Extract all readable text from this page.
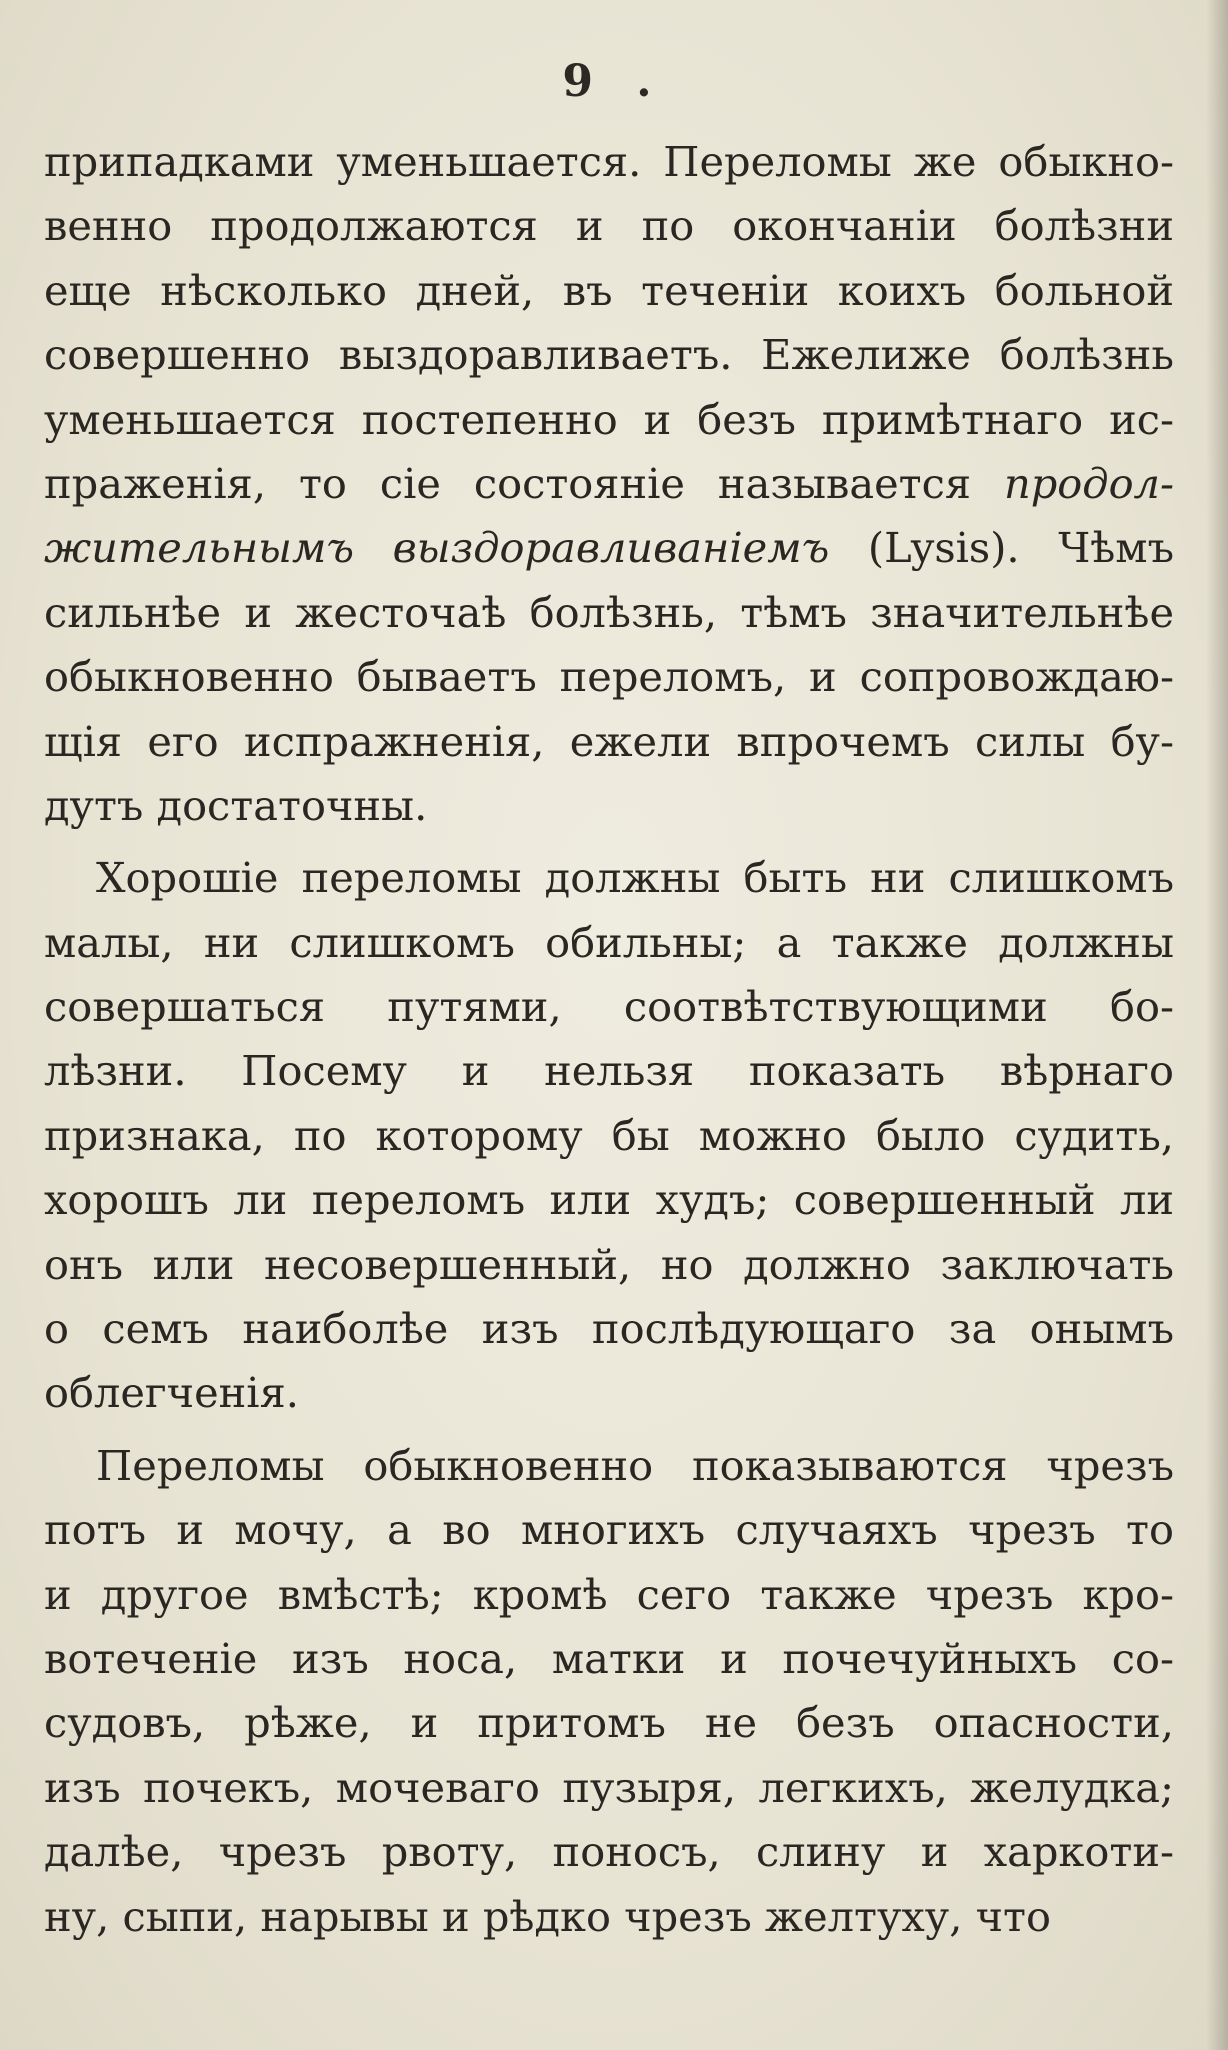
9 .
припадками уменьшается. Переломы же обыкно-
венно продолжаются и по окончаніи болѣзни
еще нѣсколько дней, въ теченіи коихъ больной
совершенно выздоравливаетъ. Ежелиже болѣзнь
уменьшается постепенно и безъ примѣтнаго ис-
праженія, то сіе состояніе называется продол-
жительнымъ выздоравливаніемъ (Lysis). Чѣмъ
сильнѣе и жесточаѣ болѣзнь, тѣмъ значительнѣе
обыкновенно бываетъ переломъ, и сопровождаю-
щія его испражненія, ежели впрочемъ силы бу-
дутъ достаточны.
Хорошіе переломы должны быть ни слишкомъ
малы, ни слишкомъ обильны; а также должны
совершаться путями, соотвѣтствующими бо-
лѣзни. Посему и нельзя показать вѣрнаго
признака, по которому бы можно было судить,
хорошъ ли переломъ или худъ; совершенный ли
онъ или несовершенный, но должно заключать
о семъ наиболѣе изъ послѣдующаго за онымъ
облегченія.
Переломы обыкновенно показываются чрезъ
потъ и мочу, а во многихъ случаяхъ чрезъ то
и другое вмѣстѣ; кромѣ сего также чрезъ кро-
вотеченіе изъ носа, матки и почечуйныхъ со-
судовъ, рѣже, и притомъ не безъ опасности,
изъ почекъ, мочеваго пузыря, легкихъ, желудка;
далѣе, чрезъ рвоту, поносъ, слину и харкоти-
ну, сыпи, нарывы и рѣдко чрезъ желтуху, что
